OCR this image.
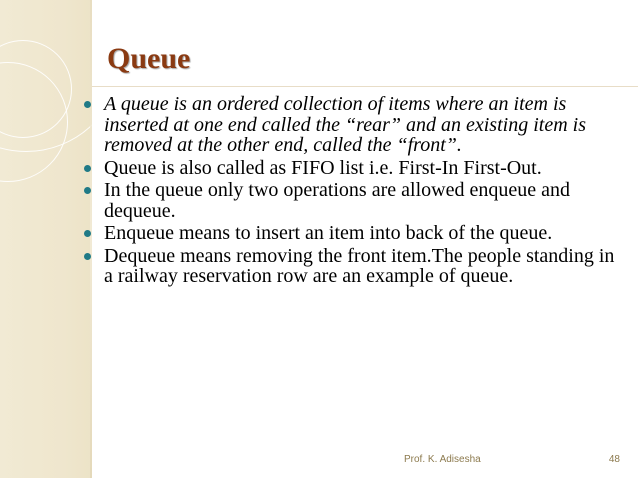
Queue
A queue is an ordered collection of items where an item is inserted at one end called the “rear” and an existing item is removed at the other end, called the “front”.
Queue is also called as FIFO list i.e. First-In First-Out.
In the queue only two operations are allowed enqueue and dequeue.
Enqueue means to insert an item into back of the queue.
Dequeue means removing the front item.The people standing in a railway reservation row are an example of queue.
Prof. K. Adisesha	48
